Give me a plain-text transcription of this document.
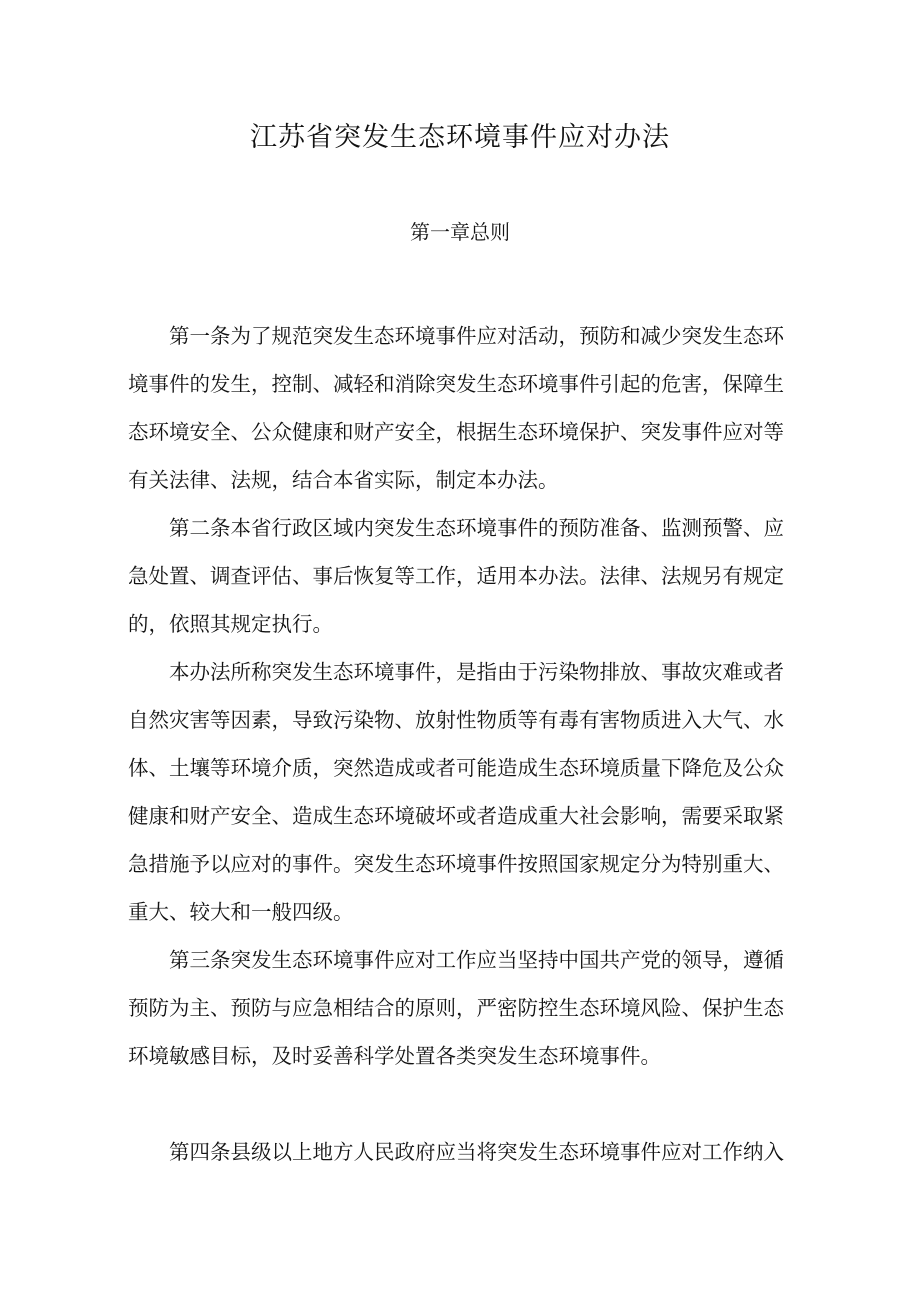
江苏省突发生态环境事件应对办法
第一章总则

第一条为了规范突发生态环境事件应对活动，预防和减少突发生态环境事件的发生，控制、减轻和消除突发生态环境事件引起的危害，保障生态环境安全、公众健康和财产安全，根据生态环境保护、突发事件应对等有关法律、法规，结合本省实际，制定本办法。

第二条本省行政区域内突发生态环境事件的预防准备、监测预警、应急处置、调查评估、事后恢复等工作，适用本办法。法律、法规另有规定的，依照其规定执行。

本办法所称突发生态环境事件，是指由于污染物排放、事故灾难或者自然灾害等因素，导致污染物、放射性物质等有毒有害物质进入大气、水体、土壤等环境介质，突然造成或者可能造成生态环境质量下降危及公众健康和财产安全、造成生态环境破坏或者造成重大社会影响，需要采取紧急措施予以应对的事件。突发生态环境事件按照国家规定分为特别重大、重大、较大和一般四级。

第三条突发生态环境事件应对工作应当坚持中国共产党的领导，遵循预防为主、预防与应急相结合的原则，严密防控生态环境风险、保护生态环境敏感目标，及时妥善科学处置各类突发生态环境事件。

第四条县级以上地方人民政府应当将突发生态环境事件应对工作纳入
